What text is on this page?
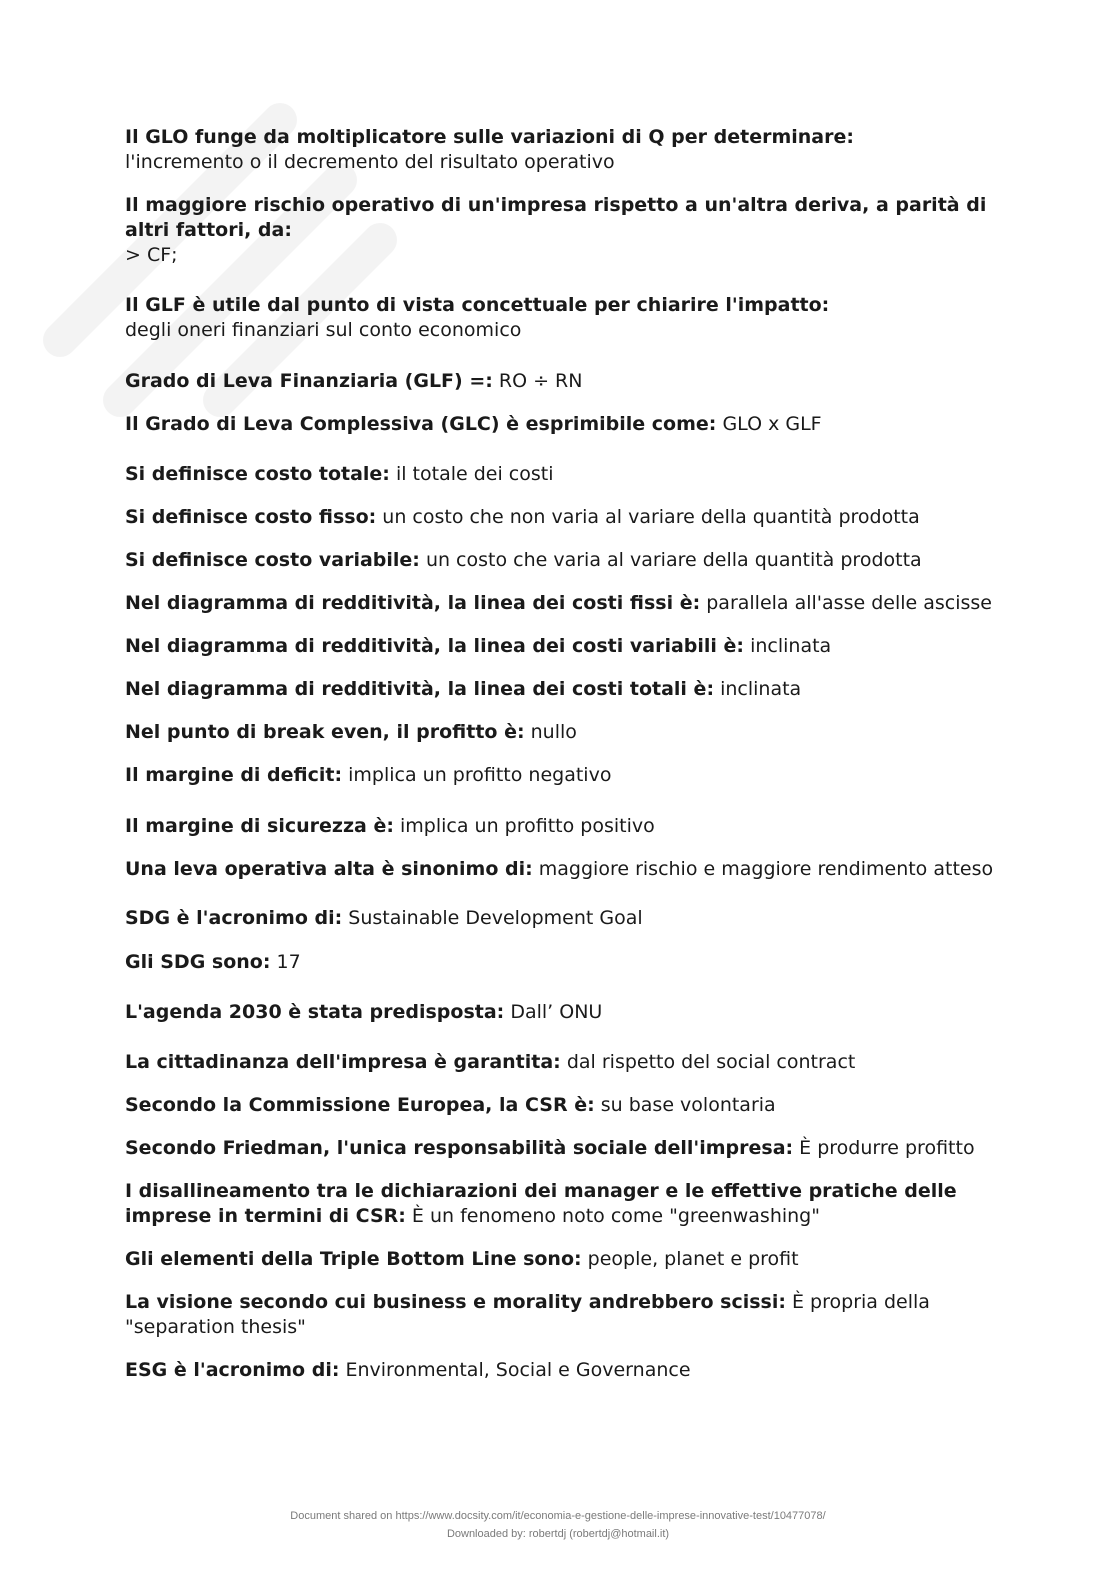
Il GLO funge da moltiplicatore sulle variazioni di Q per determinare:
l'incremento o il decremento del risultato operativo

Il maggiore rischio operativo di un'impresa rispetto a un'altra deriva, a parità di altri fattori, da:
> CF;

Il GLF è utile dal punto di vista concettuale per chiarire l'impatto:
degli oneri finanziari sul conto economico

Grado di Leva Finanziaria (GLF) =: RO ÷ RN

Il Grado di Leva Complessiva (GLC) è esprimibile come: GLO x GLF

Si definisce costo totale: il totale dei costi

Si definisce costo fisso: un costo che non varia al variare della quantità prodotta

Si definisce costo variabile: un costo che varia al variare della quantità prodotta

Nel diagramma di redditività, la linea dei costi fissi è: parallela all'asse delle ascisse

Nel diagramma di redditività, la linea dei costi variabili è: inclinata

Nel diagramma di redditività, la linea dei costi totali è: inclinata

Nel punto di break even, il profitto è: nullo

Il margine di deficit: implica un profitto negativo

Il margine di sicurezza è: implica un profitto positivo

Una leva operativa alta è sinonimo di: maggiore rischio e maggiore rendimento atteso

SDG è l'acronimo di: Sustainable Development Goal

Gli SDG sono: 17

L'agenda 2030 è stata predisposta: Dall’ ONU

La cittadinanza dell'impresa è garantita: dal rispetto del social contract

Secondo la Commissione Europea, la CSR è: su base volontaria

Secondo Friedman, l'unica responsabilità sociale dell'impresa: È produrre profitto

I disallineamento tra le dichiarazioni dei manager e le effettive pratiche delle imprese in termini di CSR: È un fenomeno noto come "greenwashing"

Gli elementi della Triple Bottom Line sono: people, planet e profit

La visione secondo cui business e morality andrebbero scissi: È propria della "separation thesis"

ESG è l'acronimo di: Environmental, Social e Governance

Document shared on https://www.docsity.com/it/economia-e-gestione-delle-imprese-innovative-test/10477078/
Downloaded by: robertdj (robertdj@hotmail.it)
